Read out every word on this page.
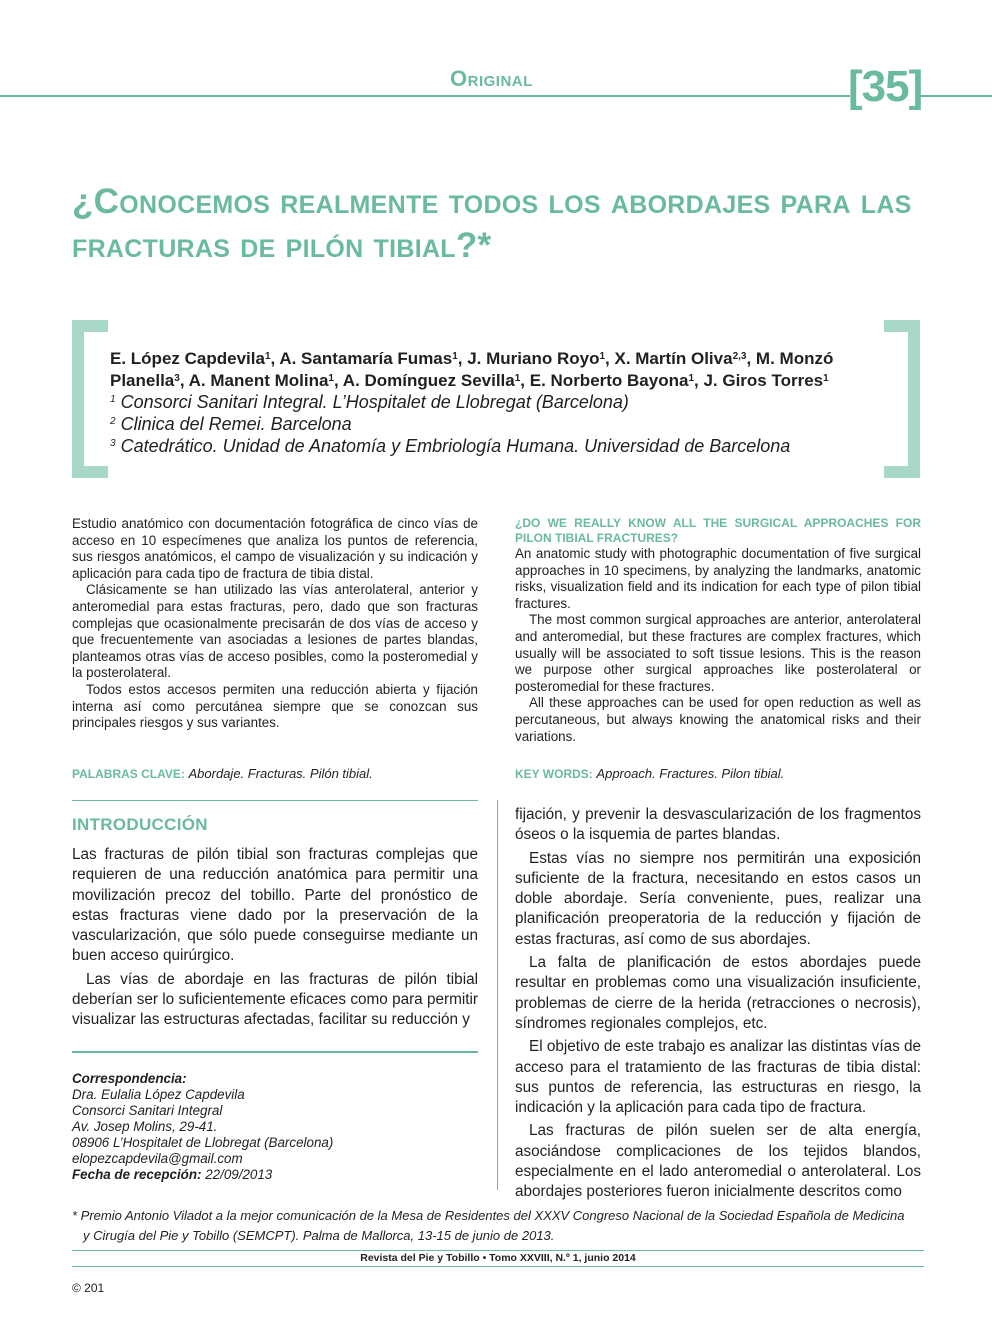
Original	[35]
¿Conocemos realmente todos los abordajes para las fracturas de pilón tibial?*
E. López Capdevila$^1$, A. Santamaría Fumas$^1$, J. Muriano Royo$^1$, X. Martín Oliva$^{2,3}$, M. Monzó
Planella$^3$, A. Manent Molina$^1$, A. Domínguez Sevilla$^1$, E. Norberto Bayona$^1$, J. Giros Torres$^1$
$^1$ Consorci Sanitari Integral. L’Hospitalet de Llobregat (Barcelona)
$^2$ Clinica del Remei. Barcelona
$^3$ Catedrático. Unidad de Anatomía y Embriología Humana. Universidad de Barcelona

Estudio anatómico con documentación fotográfica de cinco vías de acceso en 10 especímenes que analiza los puntos de referencia, sus riesgos anatómicos, el campo de visualización y su indicación y aplicación para cada tipo de fractura de tibia distal.

Clásicamente se han utilizado las vías anterolateral, anterior y anteromedial para estas fracturas, pero, dado que son fracturas complejas que ocasionalmente precisarán de dos vías de acceso y que frecuentemente van asociadas a lesiones de partes blandas, planteamos otras vías de acceso posibles, como la posteromedial y la posterolateral.

Todos estos accesos permiten una reducción abierta y fijación interna así como percutánea siempre que se conozcan sus principales riesgos y sus variantes.

PALABRAS CLAVE: Abordaje. Fracturas. Pilón tibial.
¿DO WE REALLY KNOW ALL THE SURGICAL APPROACHES FOR PILON TIBIAL FRACTURES?

An anatomic study with photographic documentation of five surgical approaches in 10 specimens, by analyzing the landmarks, anatomic risks, visualization field and its indication for each type of pilon tibial fractures.

The most common surgical approaches are anterior, anterolateral and anteromedial, but these fractures are complex fractures, which usually will be associated to soft tissue lesions. This is the reason we purpose other surgical approaches like posterolateral or posteromedial for these fractures.

All these approaches can be used for open reduction as well as percutaneous, but always knowing the anatomical risks and their variations.

KEY WORDS: Approach. Fractures. Pilon tibial.
INTRODUCCIÓN

Las fracturas de pilón tibial son fracturas complejas que requieren de una reducción anatómica para permitir una movilización precoz del tobillo. Parte del pronóstico de estas fracturas viene dado por la preservación de la vascularización, que sólo puede conseguirse mediante un buen acceso quirúrgico.

Las vías de abordaje en las fracturas de pilón tibial deberían ser lo suficientemente eficaces como para permitir visualizar las estructuras afectadas, facilitar su reducción y

fijación, y prevenir la desvascularización de los fragmentos óseos o la isquemia de partes blandas.

Estas vías no siempre nos permitirán una exposición suficiente de la fractura, necesitando en estos casos un doble abordaje. Sería conveniente, pues, realizar una planificación preoperatoria de la reducción y fijación de estas fracturas, así como de sus abordajes.

La falta de planificación de estos abordajes puede resultar en problemas como una visualización insuficiente, problemas de cierre de la herida (retracciones o necrosis), síndromes regionales complejos, etc.

El objetivo de este trabajo es analizar las distintas vías de acceso para el tratamiento de las fracturas de tibia distal: sus puntos de referencia, las estructuras en riesgo, la indicación y la aplicación para cada tipo de fractura.

Las fracturas de pilón suelen ser de alta energía, asociándose complicaciones de los tejidos blandos, especialmente en el lado anteromedial o anterolateral. Los abordajes posteriores fueron inicialmente descritos como

Correspondencia:
Dra. Eulalia López Capdevila
Consorci Sanitari Integral
Av. Josep Molins, 29-41.
08906 L’Hospitalet de Llobregat (Barcelona)
elopezcapdevila@gmail.com
Fecha de recepción: 22/09/2013
* Premio Antonio Viladot a la mejor comunicación de la Mesa de Residentes del XXXV Congreso Nacional de la Sociedad Española de Medicina
y Cirugía del Pie y Tobillo (SEMCPT). Palma de Mallorca, 13-15 de junio de 2013.
Revista del Pie y Tobillo • Tomo XXVIII, N.º 1, junio 2014
© 201
